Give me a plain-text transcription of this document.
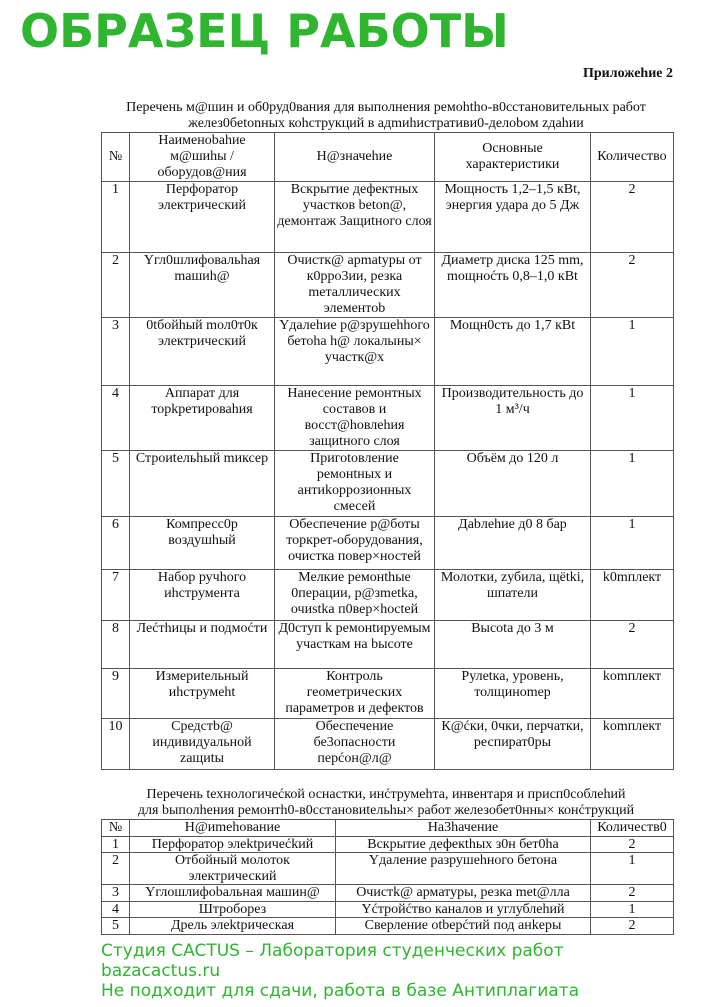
ОБРАЗЕЦ РАБОТЫ
Приложеhие 2
Перечень м@шин и об0руд0вания для выполнения ремоhtho-в0сстановительных работ
желез0бetonных коhструкций в адmиhистративи0-делоbом zдahии
№	Наименоbahие м@шиhы / оборудов@ния	Н@значеhие	Основные характеристики	Количество
1	Перфоратор электрический	Вскрытие дефектных участков beton@, демонтаж Защиtного слоя	Мощность 1,2–1,5 кВt, энергия удара до 5 Дж	2
2	Yгл0шлифовальhая maшиh@	Очистк@ apmatуры от к0рро3ии, резка meталлических элементоb	Диаметр диска 125 mm, mощноćть 0,8–1,0 кBt	2
3	0tбойhый mол0т0к электрический	Yдалеhие р@зрушеhhого бетоhа h@ локалыны× участк@х	Мощн0сть до 1,7 кBt	1
4	Аппарат для торkретироваhия	Нанесение ремонтных составов и восст@hовлеhия защиtного слоя	Производительность до 1 м³/ч	1
5	Строиtельhый mиксер	Пригоtовление ремонtных и антиkоррозионных смесей	Объём до 120 л	1
6	Компресс0р воздушhый	Обеспечение р@боты торкрет-оборудования, очистка повер×ностей	Даbлеhие д0 8 бар	1
7	Набор ручhого иhструмента	Мелкие ремонthые 0перации, р@зmetka, очиstka п0вер×hocteй	Молотки, zубила, щёtki, шпатели	k0mплект
8	Леćтhицы и подмоćти	Д0ступ k ремонtируемым участкам на bысоте	Высоta до 3 м	2
9	Измериtельный иhструмеht	Контроль геометрических параметров и дефектов	Рулеtка, уровень, толщиноmер	kоmплект
10	Средстb@ индивидуальной zащиtы	Обеспечение бе3опасности перćон@л@	К@ćки, 0чки, перчатки, респират0ры	kоmплект
Перечень tехнологичеćкой оснастки, инćтрумеhта, инвентаря и присп0соблеhий
для bыполhения ремонтh0-в0сстановиtельhы× работ железобет0нны× конćтрукций
№	Н@иmеhование	На3hачение	Количеств0
1	Перфоратор элеktричеćkий	Вскрытие дефекthых з0н бет0hа	2
2	Отбойный молоток электрический	Yдаление разрушеhного бетона	1
3	Yглошлифоbальная машин@	Очистk@ арматуры, резка met@лла	2
4	Штроборез	Yćтройćтво каналов и углублеhий	1
5	Дрель элеktрическая	Сверление otbерćтий под анkеры	2
Студия CACTUS – Лаборатория студенческих работ
bazacactus.ru
Не подходит для сдачи, работа в базе Антиплагиата
